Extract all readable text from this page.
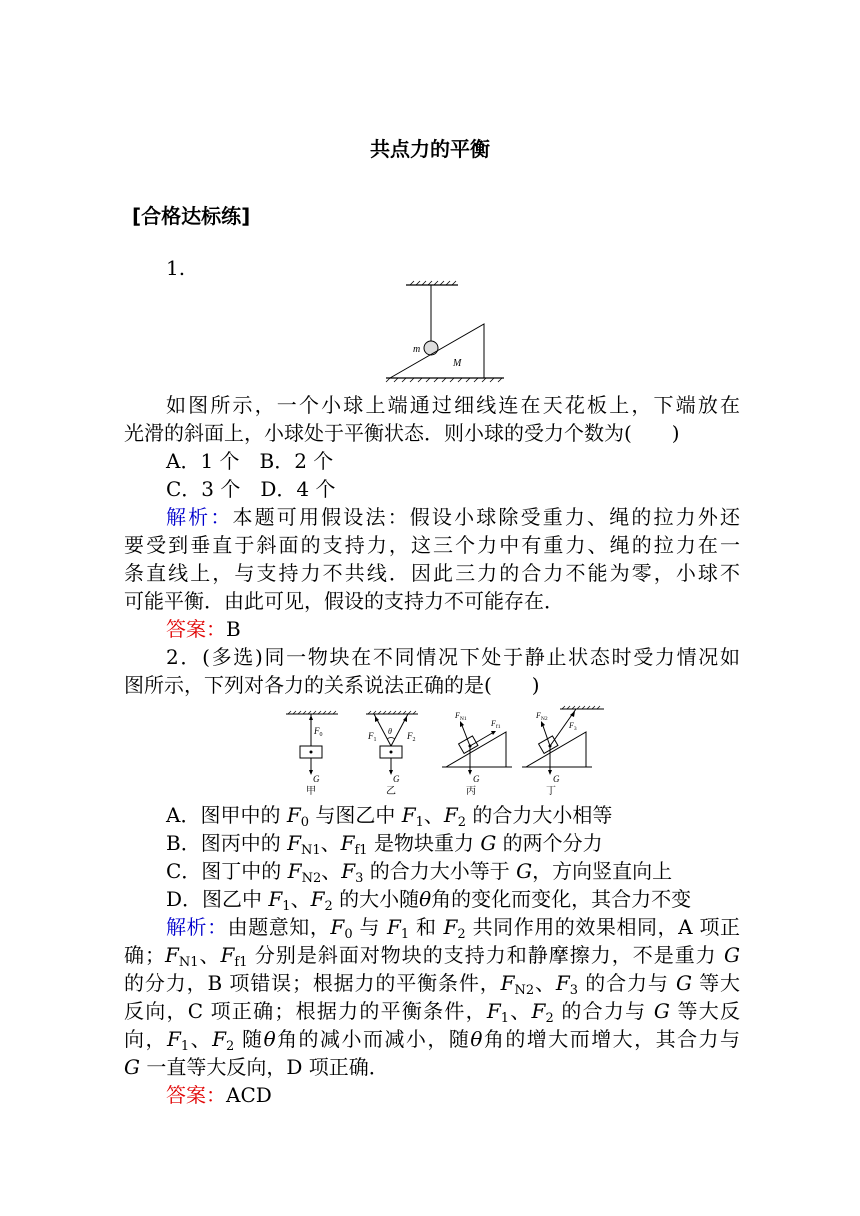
共点力的平衡
[合格达标练]
1.
m
M
如图所示，一个小球上端通过细线连在天花板上，下端放在
光滑的斜面上，小球处于平衡状态．则小球的受力个数为(　　)
A．1 个　B．2 个
C．3 个　D．4 个
解析：本题可用假设法：假设小球除受重力、绳的拉力外还
要受到垂直于斜面的支持力，这三个力中有重力、绳的拉力在一
条直线上，与支持力不共线．因此三力的合力不能为零，小球不
可能平衡．由此可见，假设的支持力不可能存在．
答案：B
2．(多选)同一物块在不同情况下处于静止状态时受力情况如
图所示，下列对各力的关系说法正确的是(　　)
$F_0$
G
甲
$F_1$
θ $F_2$
G
乙
$F_{N1}$	$F_{f1}$
G
丙
$F_{N2}$
$F_3$
G
丁
A．图甲中的 $F_0$ 与图乙中 $F_1$、$F_2$ 的合力大小相等
B．图丙中的 $F_{N1}$、$F_{f1}$ 是物块重力 G 的两个分力
C．图丁中的 $F_{N2}$、$F_3$ 的合力大小等于 G，方向竖直向上
D．图乙中 $F_1$、$F_2$ 的大小随θ角的变化而变化，其合力不变
解析：由题意知，$F_0$ 与 $F_1$ 和 $F_2$ 共同作用的效果相同，A 项正
确；$F_{N1}$、$F_{f1}$ 分别是斜面对物块的支持力和静摩擦力，不是重力 G
的分力，B 项错误；根据力的平衡条件，$F_{N2}$、$F_3$ 的合力与 G 等大
反向，C 项正确；根据力的平衡条件，$F_1$、$F_2$ 的合力与 G 等大反
向，$F_1$、$F_2$ 随θ角的减小而减小，随θ角的增大而增大，其合力与
G 一直等大反向，D 项正确．
答案：ACD
